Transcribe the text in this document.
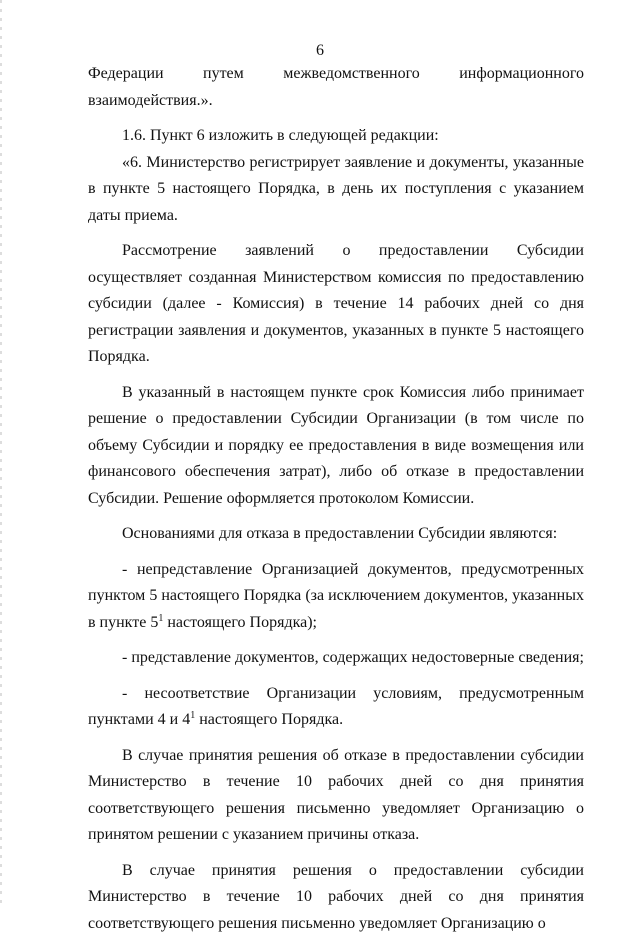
6

Федерации путем межведомственного информационного взаимодействия.».

1.6. Пункт 6 изложить в следующей редакции:

«6. Министерство регистрирует заявление и документы, указанные в пункте 5 настоящего Порядка, в день их поступления с указанием даты приема.

Рассмотрение заявлений о предоставлении Субсидии осуществляет созданная Министерством комиссия по предоставлению субсидии (далее - Комиссия) в течение 14 рабочих дней со дня регистрации заявления и документов, указанных в пункте 5 настоящего Порядка.

В указанный в настоящем пункте срок Комиссия либо принимает решение о предоставлении Субсидии Организации (в том числе по объему Субсидии и порядку ее предоставления в виде возмещения или финансового обеспечения затрат), либо об отказе в предоставлении Субсидии. Решение оформляется протоколом Комиссии.

Основаниями для отказа в предоставлении Субсидии являются:

- непредставление Организацией документов, предусмотренных пунктом 5 настоящего Порядка (за исключением документов, указанных в пункте $5^1$ настоящего Порядка);

- представление документов, содержащих недостоверные сведения;

- несоответствие Организации условиям, предусмотренным пунктами 4 и $4^1$ настоящего Порядка.

В случае принятия решения об отказе в предоставлении субсидии Министерство в течение 10 рабочих дней со дня принятия соответствующего решения письменно уведомляет Организацию о принятом решении с указанием причины отказа.

В случае принятия решения о предоставлении субсидии Министерство в течение 10 рабочих дней со дня принятия соответствующего решения письменно уведомляет Организацию о
